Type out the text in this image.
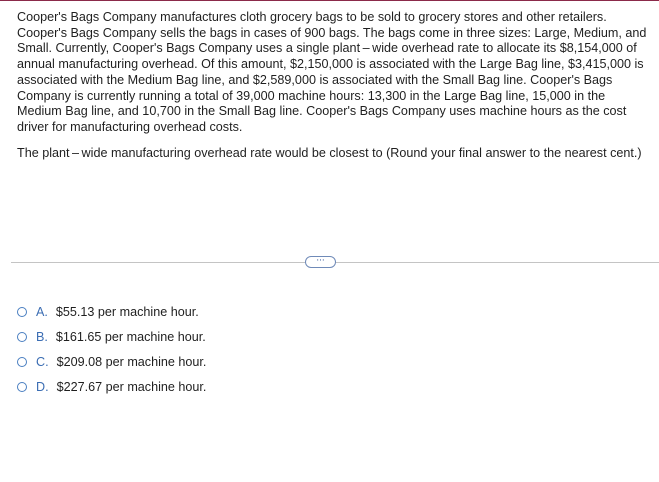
Cooper's Bags Company manufactures cloth grocery bags to be sold to grocery stores and other retailers. Cooper's Bags Company sells the bags in cases of 900 bags. The bags come in three sizes: Large, Medium, and Small. Currently, Cooper's Bags Company uses a single plant – wide overhead rate to allocate its $8,154,000 of annual manufacturing overhead. Of this amount, $2,150,000 is associated with the Large Bag line, $3,415,000 is associated with the Medium Bag line, and $2,589,000 is associated with the Small Bag line. Cooper's Bags Company is currently running a total of 39,000 machine hours: 13,300 in the Large Bag line, 15,000 in the Medium Bag line, and 10,700 in the Small Bag line. Cooper's Bags Company uses machine hours as the cost driver for manufacturing overhead costs.

The plant – wide manufacturing overhead rate would be closest to (Round your final answer to the nearest cent.)

···
A. $55.13 per machine hour.
B. $161.65 per machine hour.
C. $209.08 per machine hour.
D. $227.67 per machine hour.
